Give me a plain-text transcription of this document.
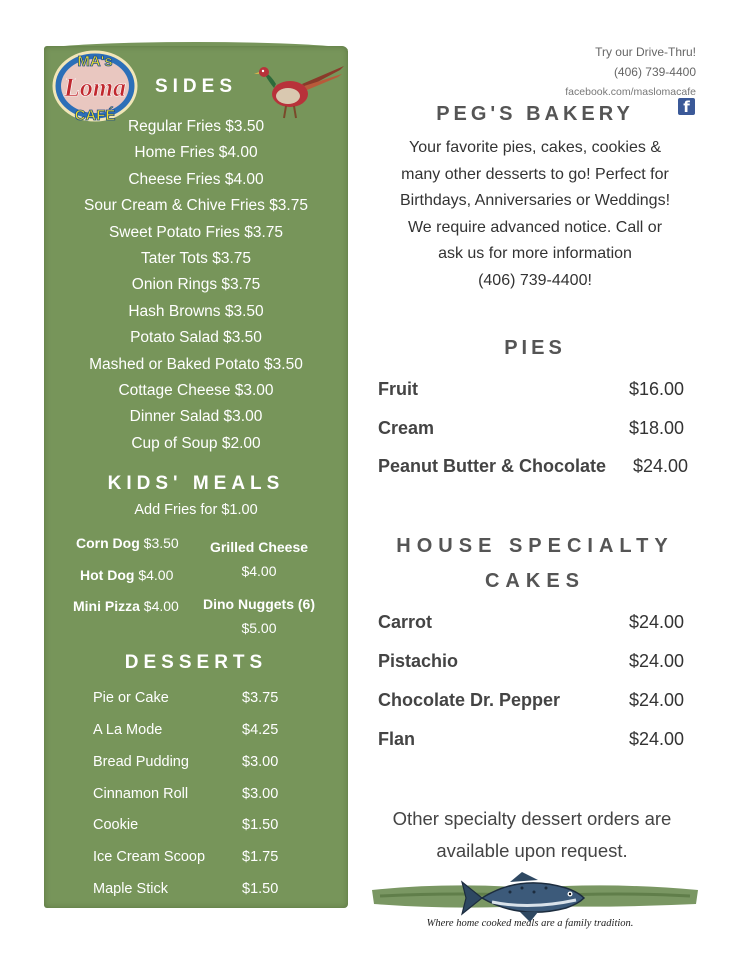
MA's
Loma
CAFÉ
SIDES
Regular Fries $3.50
Home Fries $4.00
Cheese Fries $4.00
Sour Cream & Chive Fries $3.75
Sweet Potato Fries $3.75
Tater Tots $3.75
Onion Rings $3.75
Hash Browns $3.50
Potato Salad $3.50
Mashed or Baked Potato $3.50
Cottage Cheese $3.00
Dinner Salad $3.00
Cup of Soup $2.00
KIDS' MEALS
Add Fries for $1.00
Corn Dog $3.50
Hot Dog $4.00
Mini Pizza $4.00
Grilled Cheese
$4.00
Dino Nuggets (6)
$5.00
DESSERTS
Pie or Cake	$3.75
A La Mode	$4.25
Bread Pudding	$3.00
Cinnamon Roll	$3.00
Cookie	$1.50
Ice Cream Scoop	$1.75
Maple Stick	$1.50
Try our Drive-Thru!
(406) 739-4400
facebook.com/maslomacafe
f
PEG'S BAKERY
Your favorite pies, cakes, cookies &
many other desserts to go! Perfect for
Birthdays, Anniversaries or Weddings!
We require advanced notice. Call or
ask us for more information
(406) 739-4400!
PIES
Fruit	$16.00
Cream	$18.00
Peanut Butter & Chocolate $24.00
HOUSE SPECIALTY
CAKES
Carrot	$24.00
Pistachio	$24.00
Chocolate Dr. Pepper	$24.00
Flan	$24.00
Other specialty dessert orders are
available upon request.
Where home cooked meals are a family tradition.
